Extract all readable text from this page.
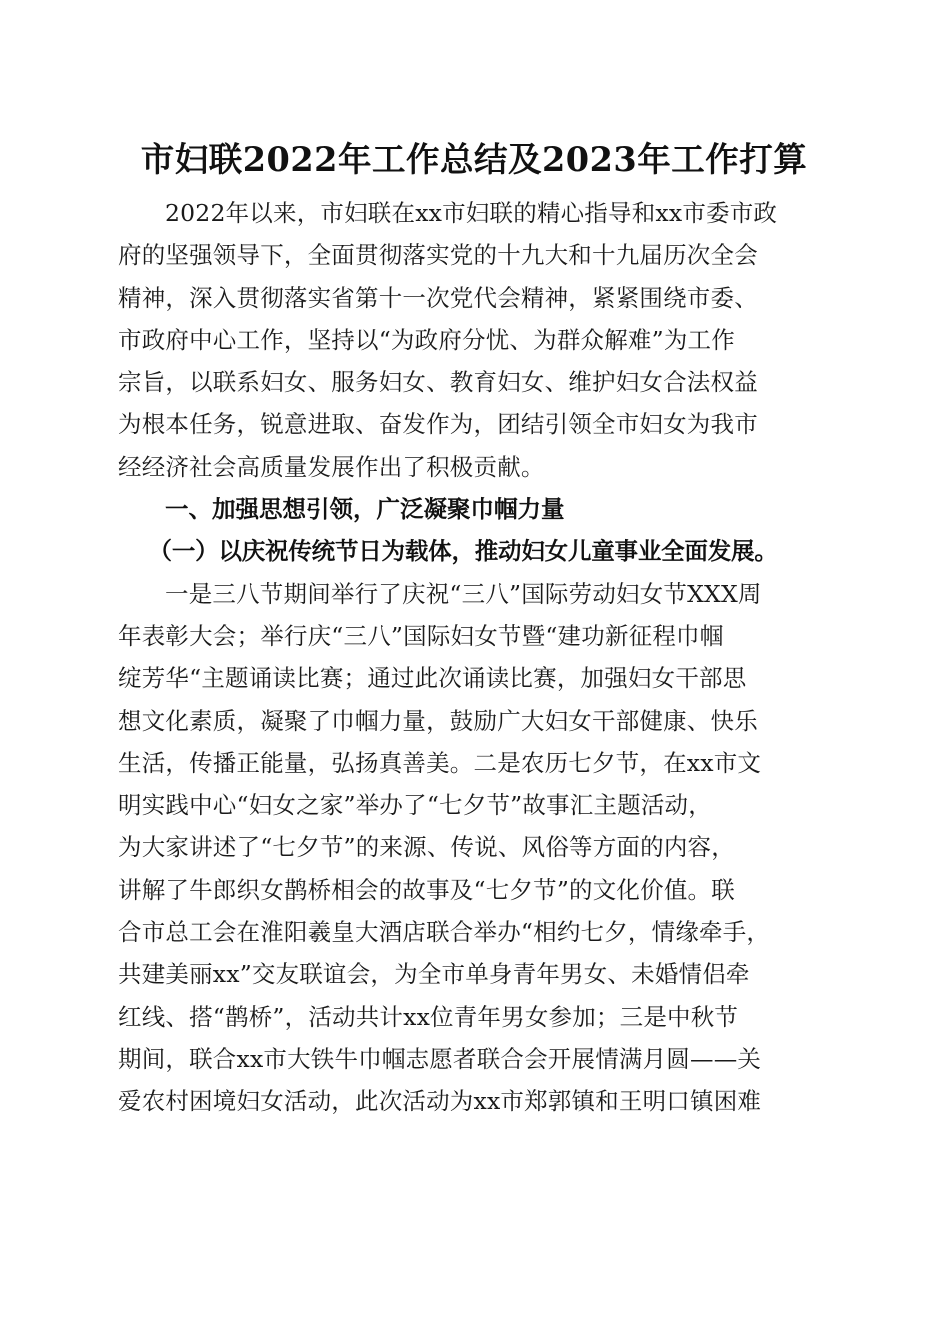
市妇联2022年工作总结及2023年工作打算
2022年以来，市妇联在xx市妇联的精心指导和xx市委市政
府的坚强领导下，全面贯彻落实党的十九大和十九届历次全会
精神，深入贯彻落实省第十一次党代会精神，紧紧围绕市委、
市政府中心工作，坚持以“为政府分忧、为群众解难”为工作
宗旨，以联系妇女、服务妇女、教育妇女、维护妇女合法权益
为根本任务，锐意进取、奋发作为，团结引领全市妇女为我市
经经济社会高质量发展作出了积极贡献。
一、加强思想引领，广泛凝聚巾帼力量
（一）以庆祝传统节日为载体，推动妇女儿童事业全面发展。
一是三八节期间举行了庆祝“三八”国际劳动妇女节XXX周
年表彰大会；举行庆“三八”国际妇女节暨“建功新征程巾帼
绽芳华“主题诵读比赛；通过此次诵读比赛，加强妇女干部思
想文化素质，凝聚了巾帼力量，鼓励广大妇女干部健康、快乐
生活，传播正能量，弘扬真善美。二是农历七夕节，在xx市文
明实践中心“妇女之家”举办了“七夕节”故事汇主题活动，
为大家讲述了“七夕节”的来源、传说、风俗等方面的内容，
讲解了牛郎织女鹊桥相会的故事及“七夕节”的文化价值。联
合市总工会在淮阳羲皇大酒店联合举办“相约七夕，情缘牵手，
共建美丽xx”交友联谊会，为全市单身青年男女、未婚情侣牵
红线、搭“鹊桥”，活动共计xx位青年男女参加；三是中秋节
期间，联合xx市大铁牛巾帼志愿者联合会开展情满月圆——关
爱农村困境妇女活动，此次活动为xx市郑郭镇和王明口镇困难
